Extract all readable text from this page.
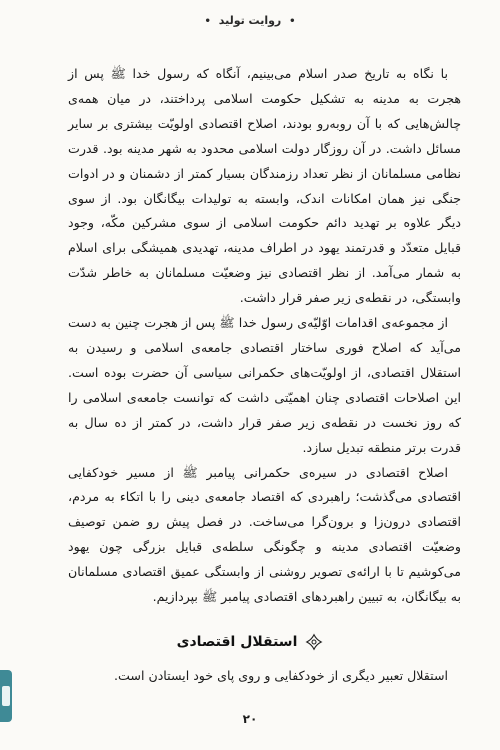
• روایت تولید •

با نگاه به تاریخ صدر اسلام می‌بینیم، آنگاه که رسول خدا ﷺ پس از هجرت به مدینه به تشکیل حکومت اسلامی پرداختند، در میان همه‌ی چالش‌هایی که با آن روبه‌رو بودند، اصلاح اقتصادی اولویّت بیشتری بر سایر مسائل داشت. در آن روزگار دولت اسلامی محدود به شهر مدینه بود. قدرت نظامی مسلمانان از نظر تعداد رزمندگان بسیار کمتر از دشمنان و در ادوات جنگی نیز همان امکانات اندک، وابسته به تولیدات بیگانگان بود. از سوی دیگر علاوه بر تهدید دائم حکومت اسلامی از سوی مشرکین مکّه، وجود قبایل متعدّد و قدرتمند یهود در اطراف مدینه، تهدیدی همیشگی برای اسلام به شمار می‌آمد. از نظر اقتصادی نیز وضعیّت مسلمانان به خاطر شدّت وابستگی، در نقطه‌ی زیر صفر قرار داشت.

از مجموعه‌ی اقدامات اوّلیّه‌ی رسول خدا ﷺ پس از هجرت چنین به دست می‌آید که اصلاح فوری ساختار اقتصادی جامعه‌ی اسلامی و رسیدن به استقلال اقتصادی، از اولویّت‌های حکمرانی سیاسی آن حضرت بوده است. این اصلاحات اقتصادی چنان اهمیّتی داشت که توانست جامعه‌ی اسلامی را که روز نخست در نقطه‌ی زیر صفر قرار داشت، در کمتر از ده سال به قدرت برتر منطقه تبدیل سازد.

اصلاح اقتصادی در سیره‌ی حکمرانی پیامبر ﷺ از مسیر خودکفایی اقتصادی می‌گذشت؛ راهبردی که اقتصاد جامعه‌ی دینی را با اتکاء به مردم، اقتصادی درون‌زا و برون‌گرا می‌ساخت. در فصل پیش رو ضمن توصیف وضعیّت اقتصادی مدینه و چگونگی سلطه‌ی قبایل بزرگی چون یهود می‌کوشیم تا با ارائه‌ی تصویر روشنی از وابستگی عمیق اقتصادی مسلمانان به بیگانگان، به تبیین راهبردهای اقتصادی پیامبر ﷺ بپردازیم.

استقلال اقتصادی
استقلال تعبیر دیگری از خودکفایی و روی پای خود ایستادن است.
۲۰
